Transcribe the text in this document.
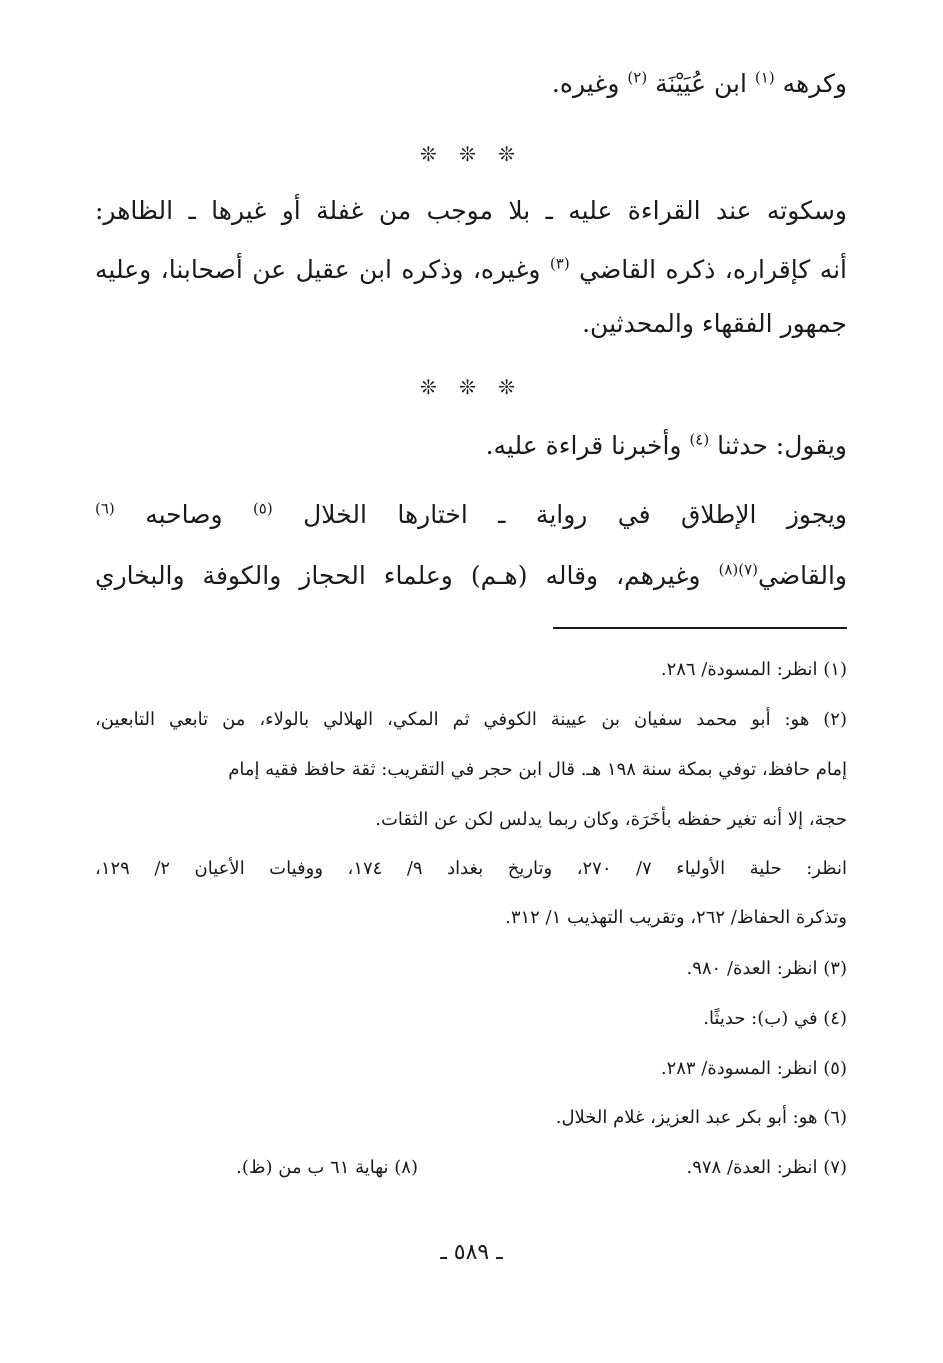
وكرهه $^{(١)}$ ابن عُيَيْنَة $^{(٢)}$ وغيره.
❊ ❊ ❊
وسكوته عند القراءة عليه ـ بلا موجب من غفلة أو غيرها ـ الظاهر:
أنه كإقراره، ذكره القاضي $^{(٣)}$ وغيره، وذكره ابن عقيل عن أصحابنا، وعليه
جمهور الفقهاء والمحدثين.
❊ ❊ ❊
ويقول: حدثنا $^{(٤)}$ وأخبرنا قراءة عليه.
ويجوز الإطلاق في رواية ـ اختارها الخلال $^{(٥)}$ وصاحبه $^{(٦)}$
والقاضي$^{(٧)(٨)}$ وغيرهم، وقاله (هـم) وعلماء الحجاز والكوفة والبخاري
(١) انظر: المسودة/ ٢٨٦.
(٢) هو: أبو محمد سفيان بن عيينة الكوفي ثم المكي، الهلالي بالولاء، من تابعي التابعين،
إمام حافظ، توفي بمكة سنة ١٩٨ هـ. قال ابن حجر في التقريب: ثقة حافظ فقيه إمام
حجة، إلا أنه تغير حفظه بأخَرَة، وكان ربما يدلس لكن عن الثقات.
انظر: حلية الأولياء ٧/ ٢٧٠، وتاريخ بغداد ٩/ ١٧٤، ووفيات الأعيان ٢/ ١٢٩،
وتذكرة الحفاظ/ ٢٦٢، وتقريب التهذيب ١/ ٣١٢.
(٣) انظر: العدة/ ٩٨٠.
(٤) في (ب): حديثًا.
(٥) انظر: المسودة/ ٢٨٣.
(٦) هو: أبو بكر عبد العزيز، غلام الخلال.
(٧) انظر: العدة/ ٩٧٨.
(٨) نهاية ٦١ ب من (ظ).
ـ ٥٨٩ ـ
